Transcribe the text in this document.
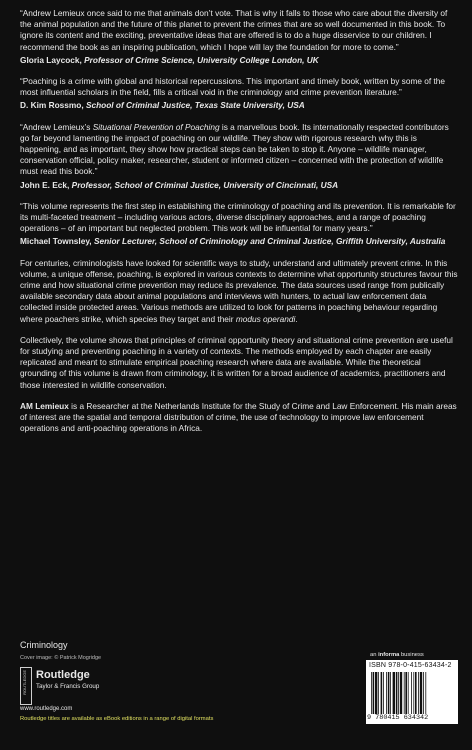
“Andrew Lemieux once said to me that animals don’t vote. That is why it falls to those who care about the diversity of the animal population and the future of this planet to prevent the crimes that are so well documented in this book. To ignore its content and the exciting, preventative ideas that are offered is to do a huge disservice to our children. I recommend the book as an inspiring publication, which I hope will lay the foundation for more to come.”

Gloria Laycock, Professor of Crime Science, University College London, UK

“Poaching is a crime with global and historical repercussions. This important and timely book, written by some of the most influential scholars in the field, fills a critical void in the criminology and crime prevention literature.”

D. Kim Rossmo, School of Criminal Justice, Texas State University, USA

“Andrew Lemieux’s Situational Prevention of Poaching is a marvellous book. Its internationally respected contributors go far beyond lamenting the impact of poaching on our wildlife. They show with rigorous research why this is happening, and as important, they show how practical steps can be taken to stop it. Anyone – wildlife manager, conservation official, policy maker, researcher, student or informed citizen – concerned with the protection of wildlife must read this book.”

John E. Eck, Professor, School of Criminal Justice, University of Cincinnati, USA

“This volume represents the first step in establishing the criminology of poaching and its prevention. It is remarkable for its multi-faceted treatment – including various actors, diverse disciplinary approaches, and a range of poaching operations – of an important but neglected problem. This work will be influential for many years.”

Michael Townsley, Senior Lecturer, School of Criminology and Criminal Justice, Griffith University, Australia

For centuries, criminologists have looked for scientific ways to study, understand and ultimately prevent crime. In this volume, a unique offense, poaching, is explored in various contexts to determine what opportunity structures favour this crime and how situational crime prevention may reduce its prevalence. The data sources used range from publically available secondary data about animal populations and interviews with hunters, to actual law enforcement data collected inside protected areas. Various methods are utilized to look for patterns in poaching behaviour regarding where poachers strike, which species they target and their modus operandi.

Collectively, the volume shows that principles of criminal opportunity theory and situational crime prevention are useful for studying and preventing poaching in a variety of contexts. The methods employed by each chapter are easily replicated and meant to stimulate empirical poaching research where data are available. While the theoretical grounding of this volume is drawn from criminology, it is written for a broad audience of academics, practitioners and those interested in wildlife conservation.

AM Lemieux is a Researcher at the Netherlands Institute for the Study of Crime and Law Enforcement. His main areas of interest are the spatial and temporal distribution of crime, the use of technology to improve law enforcement operations and anti-poaching operations in Africa.

Criminology
Cover image: © Patrick Mogridge
ROUTLEDGE Routledge
Taylor & Francis Group
www.routledge.com
Routledge titles are available as eBook editions in a range of digital formats
an informa business
ISBN 978-0-415-63434-2
9 780415 634342
